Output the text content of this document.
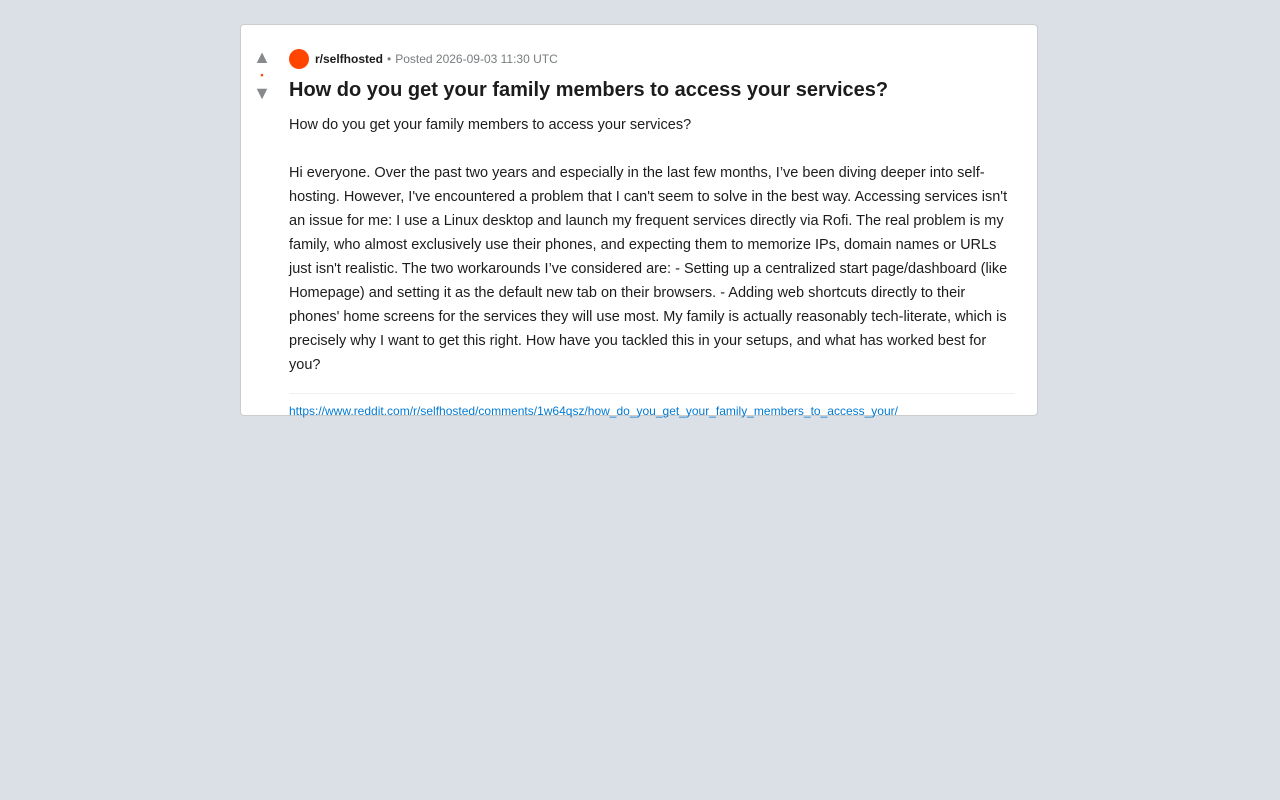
▲
•
▼
r/selfhosted • Posted 2026-09-03 11:30 UTC
How do you get your family members to access your services?

How do you get your family members to access your services?

Hi everyone. Over the past two years and especially in the last few months, I’ve been diving deeper into self-hosting. However, I've encountered a problem that I can't seem to solve in the best way. Accessing services isn't an issue for me: I use a Linux desktop and launch my frequent services directly via Rofi. The real problem is my family, who almost exclusively use their phones, and expecting them to memorize IPs, domain names or URLs just isn't realistic. The two workarounds I’ve considered are: - Setting up a centralized start page/dashboard (like Homepage) and setting it as the default new tab on their browsers. - Adding web shortcuts directly to their phones' home screens for the services they will use most. My family is actually reasonably tech-literate, which is precisely why I want to get this right. How have you tackled this in your setups, and what has worked best for you?

https://www.reddit.com/r/selfhosted/comments/1w64qsz/how_do_you_get_your_family_members_to_access_your/
